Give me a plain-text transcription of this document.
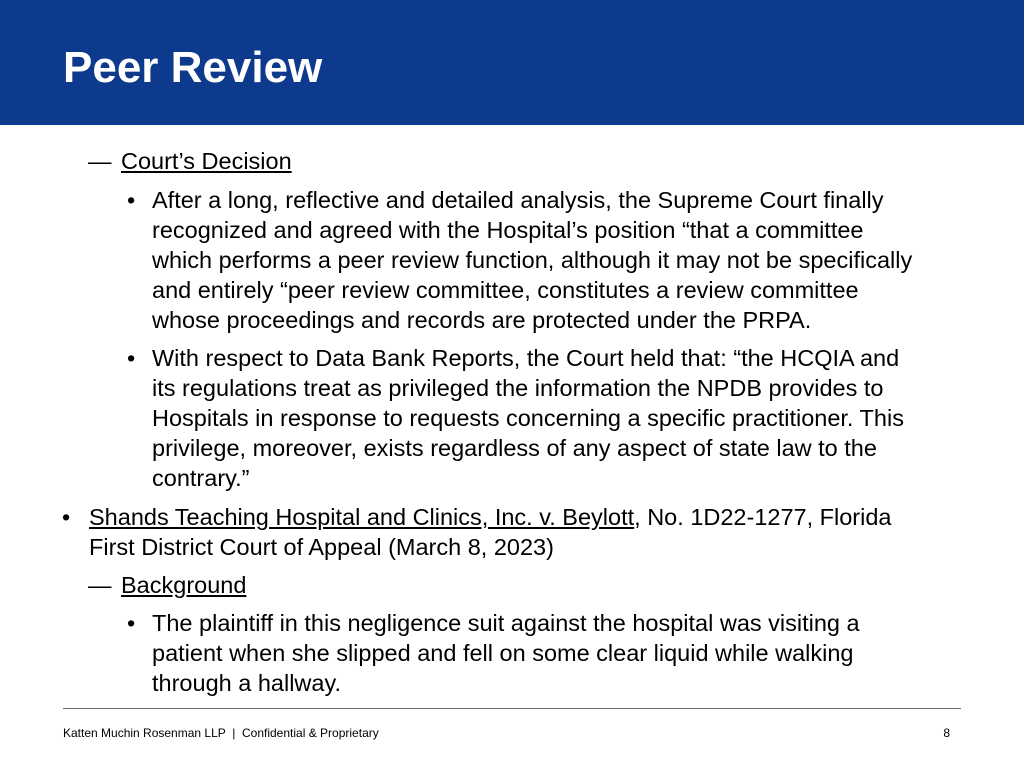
Peer Review
— Court’s Decision
• After a long, reflective and detailed analysis, the Supreme Court finally
recognized and agreed with the Hospital’s position “that a committee
which performs a peer review function, although it may not be specifically
and entirely “peer review committee, constitutes a review committee
whose proceedings and records are protected under the PRPA.
• With respect to Data Bank Reports, the Court held that: “the HCQIA and
its regulations treat as privileged the information the NPDB provides to
Hospitals in response to requests concerning a specific practitioner. This
privilege, moreover, exists regardless of any aspect of state law to the
contrary.”
• Shands Teaching Hospital and Clinics, Inc. v. Beylott, No. 1D22-1277, Florida
First District Court of Appeal (March 8, 2023)
— Background
• The plaintiff in this negligence suit against the hospital was visiting a
patient when she slipped and fell on some clear liquid while walking
through a hallway.
Katten Muchin Rosenman LLP  |  Confidential & Proprietary	8
